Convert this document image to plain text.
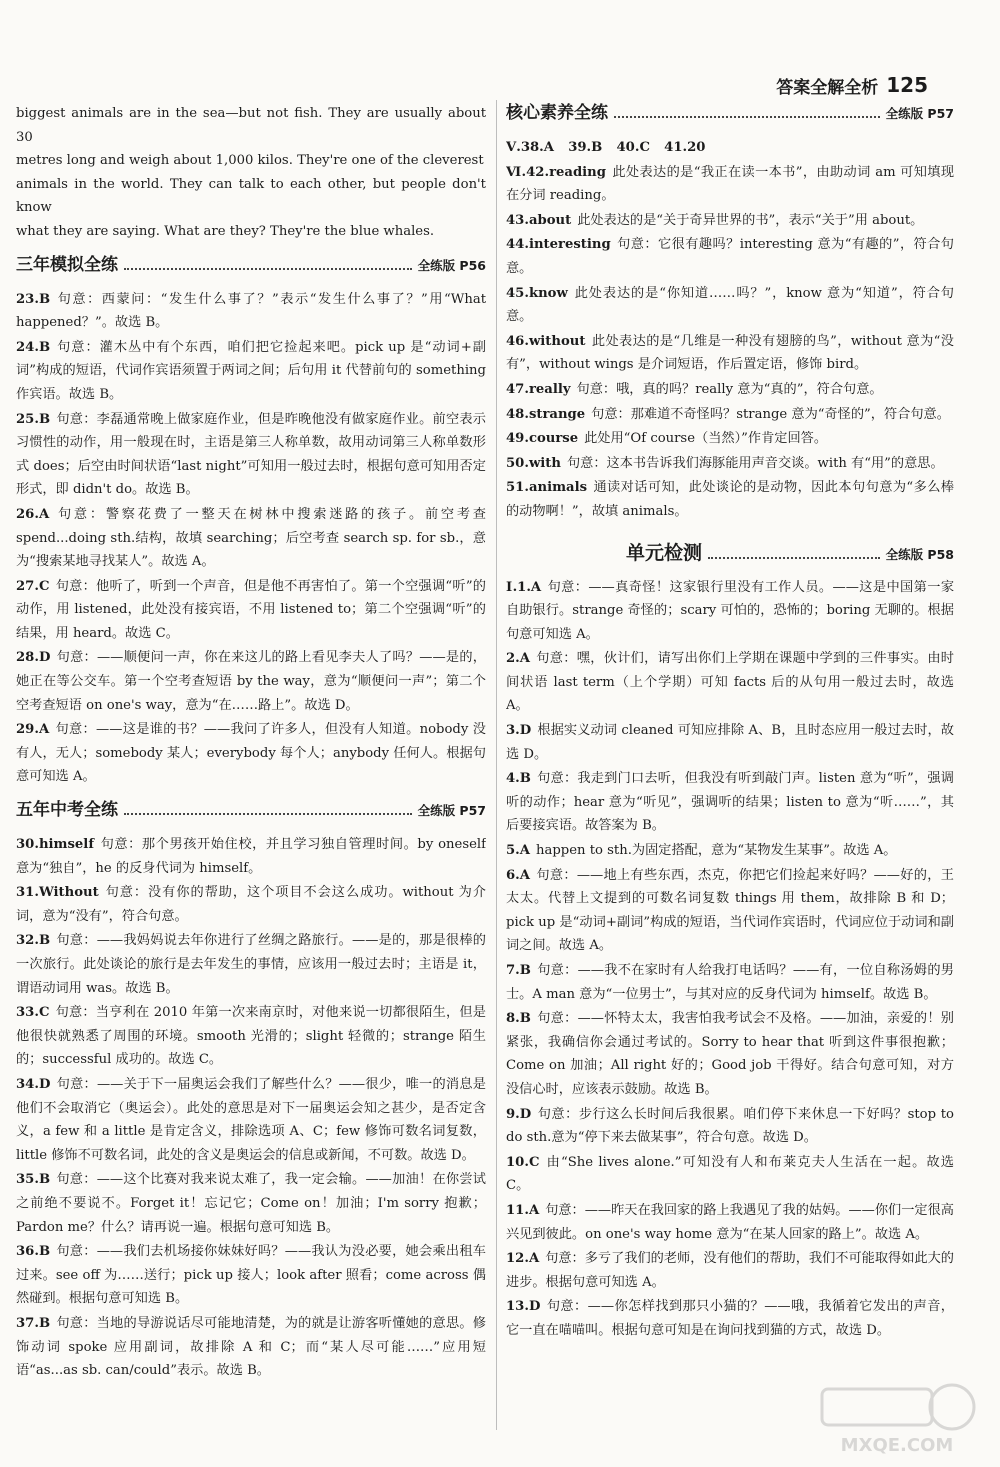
答案全解全析 125
biggest animals are in the sea—but not fish. They are usually about 30
metres long and weigh about 1,000 kilos. They're one of the cleverest
animals in the world. They can talk to each other, but people don't know
what they are saying. What are they? They're the blue whales.
三年模拟全练	全练版 P56
23.B 句意：西蒙问：“发生什么事了？”表示“发生什么事了？”用“What happened？”。故选 B。
24.B 句意：灌木丛中有个东西，咱们把它捡起来吧。pick up 是“动词+副词”构成的短语，代词作宾语须置于两词之间；后句用 it 代替前句的 something 作宾语。故选 B。
25.B 句意：李磊通常晚上做家庭作业，但是昨晚他没有做家庭作业。前空表示习惯性的动作，用一般现在时，主语是第三人称单数，故用动词第三人称单数形式 does；后空由时间状语“last night”可知用一般过去时，根据句意可知用否定形式，即 didn't do。故选 B。
26.A 句意：警察花费了一整天在树林中搜索迷路的孩子。前空考查 spend...doing sth.结构，故填 searching；后空考查 search sp. for sb.，意为“搜索某地寻找某人”。故选 A。
27.C 句意：他听了，听到一个声音，但是他不再害怕了。第一个空强调“听”的动作，用 listened，此处没有接宾语，不用 listened to；第二个空强调“听”的结果，用 heard。故选 C。
28.D 句意：——顺便问一声，你在来这儿的路上看见李夫人了吗？——是的，她正在等公交车。第一个空考查短语 by the way，意为“顺便问一声”；第二个空考查短语 on one's way，意为“在……路上”。故选 D。
29.A 句意：——这是谁的书？——我问了许多人，但没有人知道。nobody 没有人，无人；somebody 某人；everybody 每个人；anybody 任何人。根据句意可知选 A。
五年中考全练	全练版 P57
30.himself 句意：那个男孩开始住校，并且学习独自管理时间。by oneself 意为“独自”，he 的反身代词为 himself。
31.Without 句意：没有你的帮助，这个项目不会这么成功。without 为介词，意为“没有”，符合句意。
32.B 句意：——我妈妈说去年你进行了丝绸之路旅行。——是的，那是很棒的一次旅行。此处谈论的旅行是去年发生的事情，应该用一般过去时；主语是 it，谓语动词用 was。故选 B。
33.C 句意：当亨利在 2010 年第一次来南京时，对他来说一切都很陌生，但是他很快就熟悉了周围的环境。smooth 光滑的；slight 轻微的；strange 陌生的；successful 成功的。故选 C。
34.D 句意：——关于下一届奥运会我们了解些什么？——很少，唯一的消息是他们不会取消它（奥运会）。此处的意思是对下一届奥运会知之甚少，是否定含义，a few 和 a little 是肯定含义，排除选项 A、C；few 修饰可数名词复数，little 修饰不可数名词，此处的含义是奥运会的信息或新闻，不可数。故选 D。
35.B 句意：——这个比赛对我来说太难了，我一定会输。——加油！在你尝试之前绝不要说不。Forget it！忘记它；Come on！加油；I'm sorry 抱歉；Pardon me？什么？请再说一遍。根据句意可知选 B。
36.B 句意：——我们去机场接你妹妹好吗？——我认为没必要，她会乘出租车过来。see off 为……送行；pick up 接人；look after 照看；come across 偶然碰到。根据句意可知选 B。
37.B 句意：当地的导游说话尽可能地清楚，为的就是让游客听懂她的意思。修饰动词 spoke 应用副词，故排除 A 和 C；而“某人尽可能……”应用短语“as...as sb. can/could”表示。故选 B。
核心素养全练	全练版 P57
Ⅴ.38.A 39.B 40.C 41.20
Ⅵ.42.reading 此处表达的是“我正在读一本书”，由助动词 am 可知填现在分词 reading。
43.about 此处表达的是“关于奇异世界的书”，表示“关于”用 about。
44.interesting 句意：它很有趣吗？interesting 意为“有趣的”，符合句意。
45.know 此处表达的是“你知道……吗？”，know 意为“知道”，符合句意。
46.without 此处表达的是“几维是一种没有翅膀的鸟”，without 意为“没有”，without wings 是介词短语，作后置定语，修饰 bird。
47.really 句意：哦，真的吗？really 意为“真的”，符合句意。
48.strange 句意：那难道不奇怪吗？strange 意为“奇怪的”，符合句意。
49.course 此处用“Of course（当然）”作肯定回答。
50.with 句意：这本书告诉我们海豚能用声音交谈。with 有“用”的意思。
51.animals 通读对话可知，此处谈论的是动物，因此本句句意为“多么棒的动物啊！”，故填 animals。
单元检测	全练版 P58
Ⅰ.1.A 句意：——真奇怪！这家银行里没有工作人员。——这是中国第一家自助银行。strange 奇怪的；scary 可怕的，恐怖的；boring 无聊的。根据句意可知选 A。
2.A 句意：嘿，伙计们，请写出你们上学期在课题中学到的三件事实。由时间状语 last term（上个学期）可知 facts 后的从句用一般过去时，故选 A。
3.D 根据实义动词 cleaned 可知应排除 A、B，且时态应用一般过去时，故选 D。
4.B 句意：我走到门口去听，但我没有听到敲门声。listen 意为“听”，强调听的动作；hear 意为“听见”，强调听的结果；listen to 意为“听……”，其后要接宾语。故答案为 B。
5.A happen to sth.为固定搭配，意为“某物发生某事”。故选 A。
6.A 句意：——地上有些东西，杰克，你把它们捡起来好吗？——好的，王太太。代替上文提到的可数名词复数 things 用 them，故排除 B 和 D；pick up 是“动词+副词”构成的短语，当代词作宾语时，代词应位于动词和副词之间。故选 A。
7.B 句意：——我不在家时有人给我打电话吗？——有，一位自称汤姆的男士。A man 意为“一位男士”，与其对应的反身代词为 himself。故选 B。
8.B 句意：——怀特太太，我害怕我考试会不及格。——加油，亲爱的！别紧张，我确信你会通过考试的。Sorry to hear that 听到这件事很抱歉；Come on 加油；All right 好的；Good job 干得好。结合句意可知，对方没信心时，应该表示鼓励。故选 B。
9.D 句意：步行这么长时间后我很累。咱们停下来休息一下好吗？stop to do sth.意为“停下来去做某事”，符合句意。故选 D。
10.C 由“She lives alone.”可知没有人和布莱克夫人生活在一起。故选 C。
11.A 句意：——昨天在我回家的路上我遇见了我的姑妈。——你们一定很高兴见到彼此。on one's way home 意为“在某人回家的路上”。故选 A。
12.A 句意：多亏了我们的老师，没有他们的帮助，我们不可能取得如此大的进步。根据句意可知选 A。
13.D 句意：——你怎样找到那只小猫的？——哦，我循着它发出的声音，它一直在喵喵叫。根据句意可知是在询问找到猫的方式，故选 D。
MXQE.COM
